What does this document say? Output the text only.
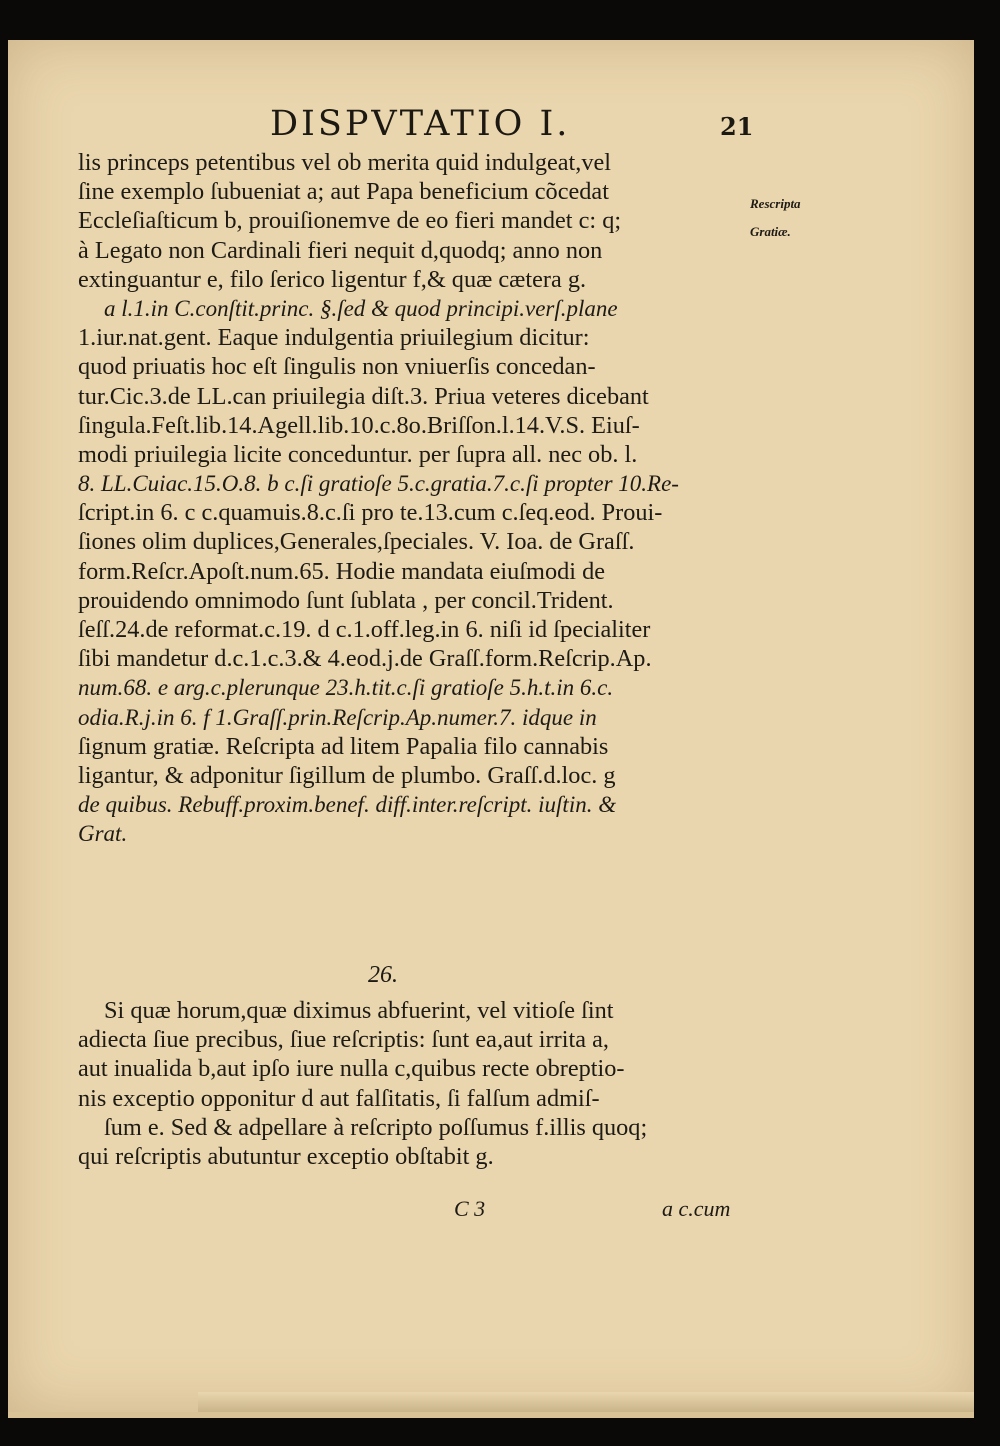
DISPVTATIO I.	21
Rescripta
Gratiæ.
lis princeps petentibus vel ob merita quid indulgeat,vel
ſine exemplo ſubueniat a; aut Papa beneficium cõcedat
Eccleſiaſticum b, prouiſionemve de eo fieri mandet c: q;
à Legato non Cardinali fieri nequit d,quodq; anno non
extinguantur e, filo ſerico ligentur f,& quæ cætera g.
a l.1.in C.conſtit.princ. §.ſed & quod principi.verſ.plane
1.iur.nat.gent. Eaque indulgentia priuilegium dicitur:
quod priuatis hoc eſt ſingulis non vniuerſis concedan-
tur.Cic.3.de LL.can priuilegia diſt.3. Priua veteres dicebant
ſingula.Feſt.lib.14.Agell.lib.10.c.8o.Briſſon.l.14.V.S. Eiuſ-
modi priuilegia licite conceduntur. per ſupra all. nec ob. l.
8. LL.Cuiac.15.O.8. b c.ſi gratioſe 5.c.gratia.7.c.ſi propter 10.Re-
ſcript.in 6. c c.quamuis.8.c.ſi pro te.13.cum c.ſeq.eod. Proui-
ſiones olim duplices,Generales,ſpeciales. V. Ioa. de Graſſ.
form.Reſcr.Apoſt.num.65. Hodie mandata eiuſmodi de
prouidendo omnimodo ſunt ſublata , per concil.Trident.
ſeſſ.24.de reformat.c.19. d c.1.off.leg.in 6. niſi id ſpecialiter
ſibi mandetur d.c.1.c.3.& 4.eod.j.de Graſſ.form.Reſcrip.Ap.
num.68. e arg.c.plerunque 23.h.tit.c.ſi gratioſe 5.h.t.in 6.c.
odia.R.j.in 6. f 1.Graſſ.prin.Reſcrip.Ap.numer.7. idque in
ſignum gratiæ. Reſcripta ad litem Papalia filo cannabis
ligantur, & adponitur ſigillum de plumbo. Graſſ.d.loc. g
de quibus. Rebuff.proxim.benef. diff.inter.reſcript. iuſtin. &
Grat.
26.
Si quæ horum,quæ diximus abfuerint, vel vitioſe ſint
adiecta ſiue precibus, ſiue reſcriptis: ſunt ea,aut irrita a,
aut inualida b,aut ipſo iure nulla c,quibus recte obreptio-
nis exceptio opponitur d aut falſitatis, ſi falſum admiſ-
ſum e. Sed & adpellare à reſcripto poſſumus f.illis quoq;
qui reſcriptis abutuntur exceptio obſtabit g.
C 3	a c.cum
